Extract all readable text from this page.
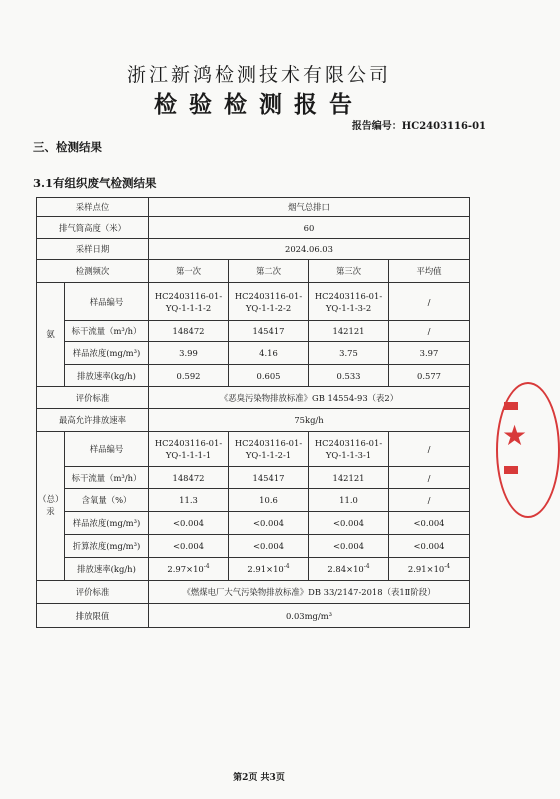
浙江新鸿检测技术有限公司
检验检测报告
报告编号：HC2403116-01
三、检测结果
3.1有组织废气检测结果
采样点位		烟气总排口			
排气筒高度（米）		60			
采样日期		2024.06.03			
检测频次		第一次	第二次	第三次	平均值
氨	样品编号	HC2403116-01-YQ-1-1-1-2	HC2403116-01-YQ-1-1-2-2	HC2403116-01-YQ-1-1-3-2	/
	标干流量（m³/h）	148472	145417	142121	/
	样品浓度(mg/m³)	3.99	4.16	3.75	3.97
	排放速率(kg/h)	0.592	0.605	0.533	0.577
评价标准		《恶臭污染物排放标准》GB 14554-93（表2）			
最高允许排放速率		75kg/h			

（总）
汞	样品编号	HC2403116-01-YQ-1-1-1-1	HC2403116-01-YQ-1-1-2-1	HC2403116-01-YQ-1-1-3-1	/
	标干流量（m³/h）	148472	145417	142121	/
	含氧量（%）	11.3	10.6	11.0	/
	样品浓度(mg/m³)	<0.004	<0.004	<0.004	<0.004
	折算浓度(mg/m³)	<0.004	<0.004	<0.004	<0.004
	排放速率(kg/h)	$2.97\times 10^{-4}$	$2.91\times 10^{-4}$	$2.84\times 10^{-4}$	$2.91\times 10^{-4}$
评价标准		《燃煤电厂大气污染物排放标准》DB 33/2147-2018（表1Ⅱ阶段）			
排放限值		0.03mg/m³			
★
第2页 共3页
